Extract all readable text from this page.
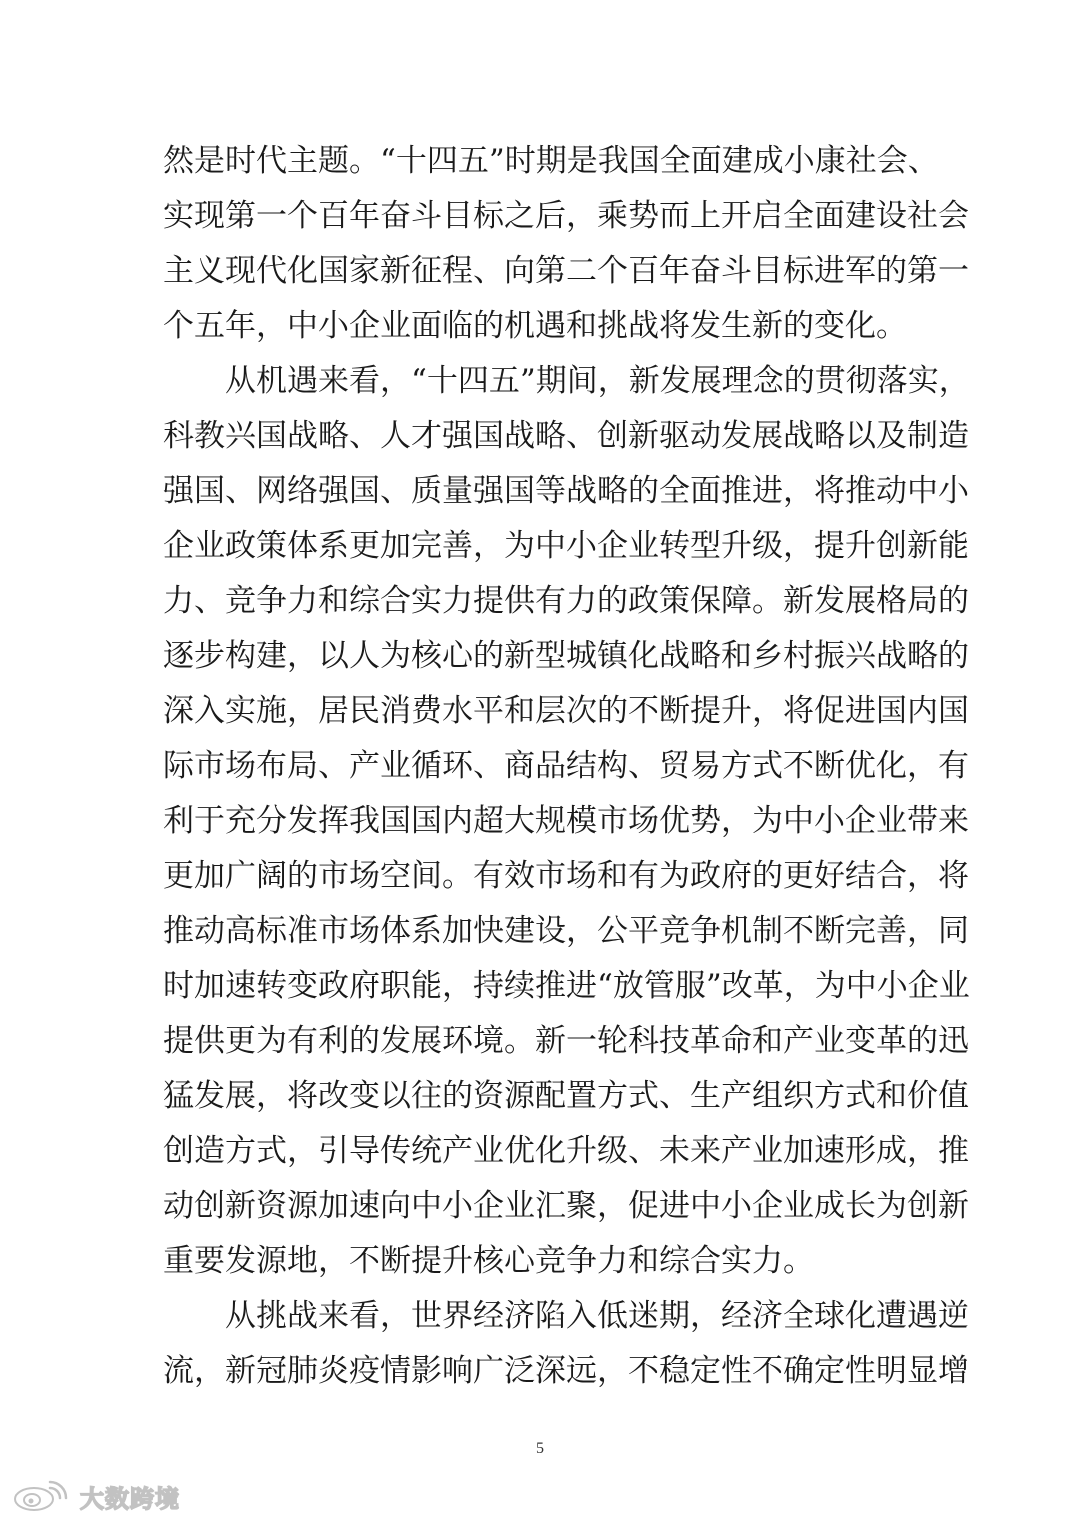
然是时代主题。“十四五”时期是我国全面建成小康社会、
实现第一个百年奋斗目标之后，乘势而上开启全面建设社会
主义现代化国家新征程、向第二个百年奋斗目标进军的第一
个五年，中小企业面临的机遇和挑战将发生新的变化。
从机遇来看，“十四五”期间，新发展理念的贯彻落实，
科教兴国战略、人才强国战略、创新驱动发展战略以及制造
强国、网络强国、质量强国等战略的全面推进，将推动中小
企业政策体系更加完善，为中小企业转型升级，提升创新能
力、竞争力和综合实力提供有力的政策保障。新发展格局的
逐步构建，以人为核心的新型城镇化战略和乡村振兴战略的
深入实施，居民消费水平和层次的不断提升，将促进国内国
际市场布局、产业循环、商品结构、贸易方式不断优化，有
利于充分发挥我国国内超大规模市场优势，为中小企业带来
更加广阔的市场空间。有效市场和有为政府的更好结合，将
推动高标准市场体系加快建设，公平竞争机制不断完善，同
时加速转变政府职能，持续推进“放管服”改革，为中小企业
提供更为有利的发展环境。新一轮科技革命和产业变革的迅
猛发展，将改变以往的资源配置方式、生产组织方式和价值
创造方式，引导传统产业优化升级、未来产业加速形成，推
动创新资源加速向中小企业汇聚，促进中小企业成长为创新
重要发源地，不断提升核心竞争力和综合实力。
从挑战来看，世界经济陷入低迷期，经济全球化遭遇逆
流，新冠肺炎疫情影响广泛深远，不稳定性不确定性明显增
5
大数跨境
